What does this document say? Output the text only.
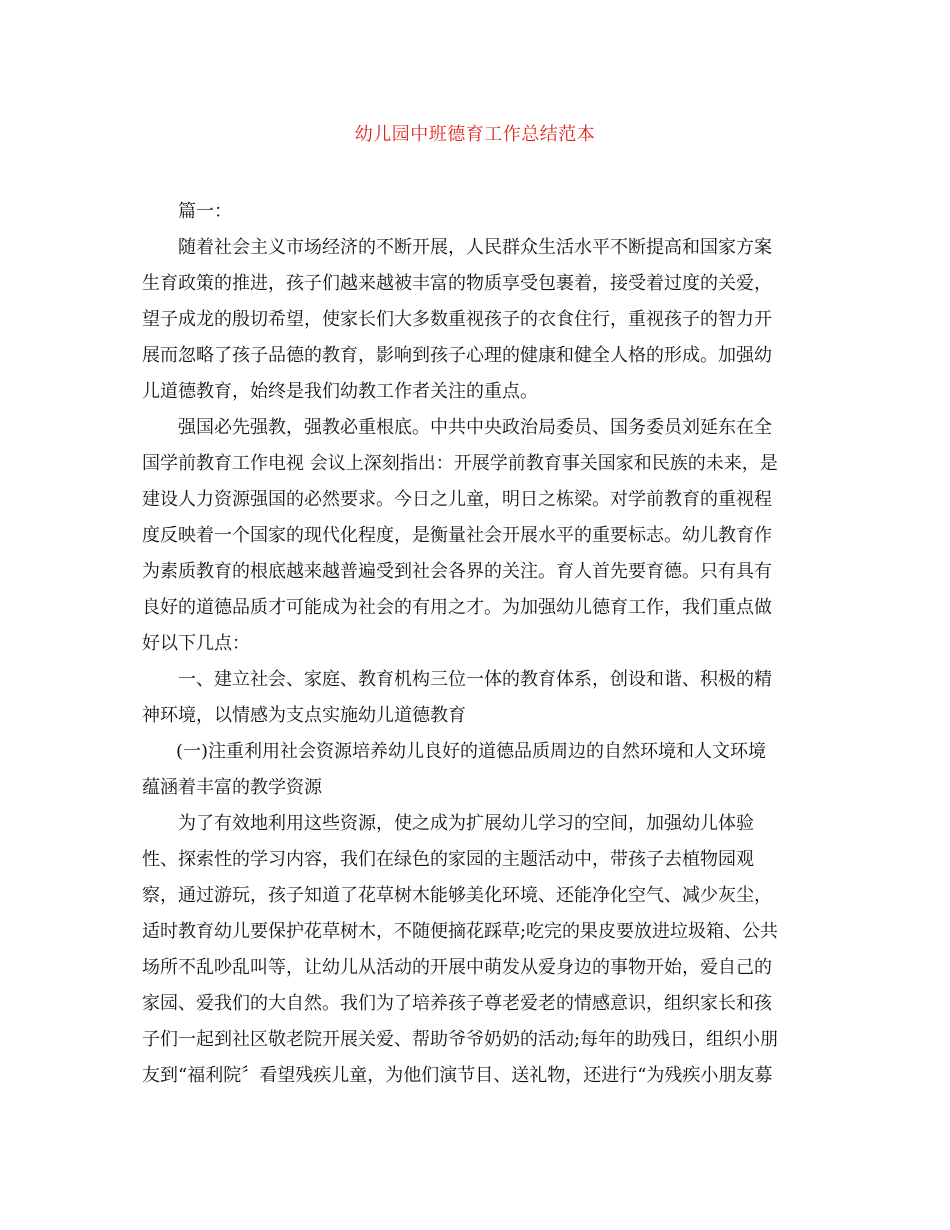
幼儿园中班德育工作总结范本
篇一：
随着社会主义市场经济的不断开展，人民群众生活水平不断提高和国家方案
生育政策的推进，孩子们越来越被丰富的物质享受包裹着，接受着过度的关爱，
望子成龙的殷切希望，使家长们大多数重视孩子的衣食住行，重视孩子的智力开
展而忽略了孩子品德的教育，影响到孩子心理的健康和健全人格的形成。加强幼
儿道德教育，始终是我们幼教工作者关注的重点。
强国必先强教，强教必重根底。中共中央政治局委员、国务委员刘延东在全
国学前教育工作电视 会议上深刻指出：开展学前教育事关国家和民族的未来，是
建设人力资源强国的必然要求。今日之儿童，明日之栋梁。对学前教育的重视程
度反映着一个国家的现代化程度，是衡量社会开展水平的重要标志。幼儿教育作
为素质教育的根底越来越普遍受到社会各界的关注。育人首先要育德。只有具有
良好的道德品质才可能成为社会的有用之才。为加强幼儿德育工作，我们重点做
好以下几点：
一、建立社会、家庭、教育机构三位一体的教育体系，创设和谐、积极的精
神环境，以情感为支点实施幼儿道德教育
(一)注重利用社会资源培养幼儿良好的道德品质周边的自然环境和人文环境
蕴涵着丰富的教学资源
为了有效地利用这些资源，使之成为扩展幼儿学习的空间，加强幼儿体验
性、探索性的学习内容，我们在绿色的家园的主题活动中，带孩子去植物园观
察，通过游玩，孩子知道了花草树木能够美化环境、还能净化空气、减少灰尘，
适时教育幼儿要保护花草树木，不随便摘花踩草;吃完的果皮要放进垃圾箱、公共
场所不乱吵乱叫等，让幼儿从活动的开展中萌发从爱身边的事物开始，爱自己的
家园、爱我们的大自然。我们为了培养孩子尊老爱老的情感意识，组织家长和孩
子们一起到社区敬老院开展关爱、帮助爷爷奶奶的活动;每年的助残日，组织小朋
友到“福利院〞看望残疾儿童，为他们演节目、送礼物，还进行“为残疾小朋友募
